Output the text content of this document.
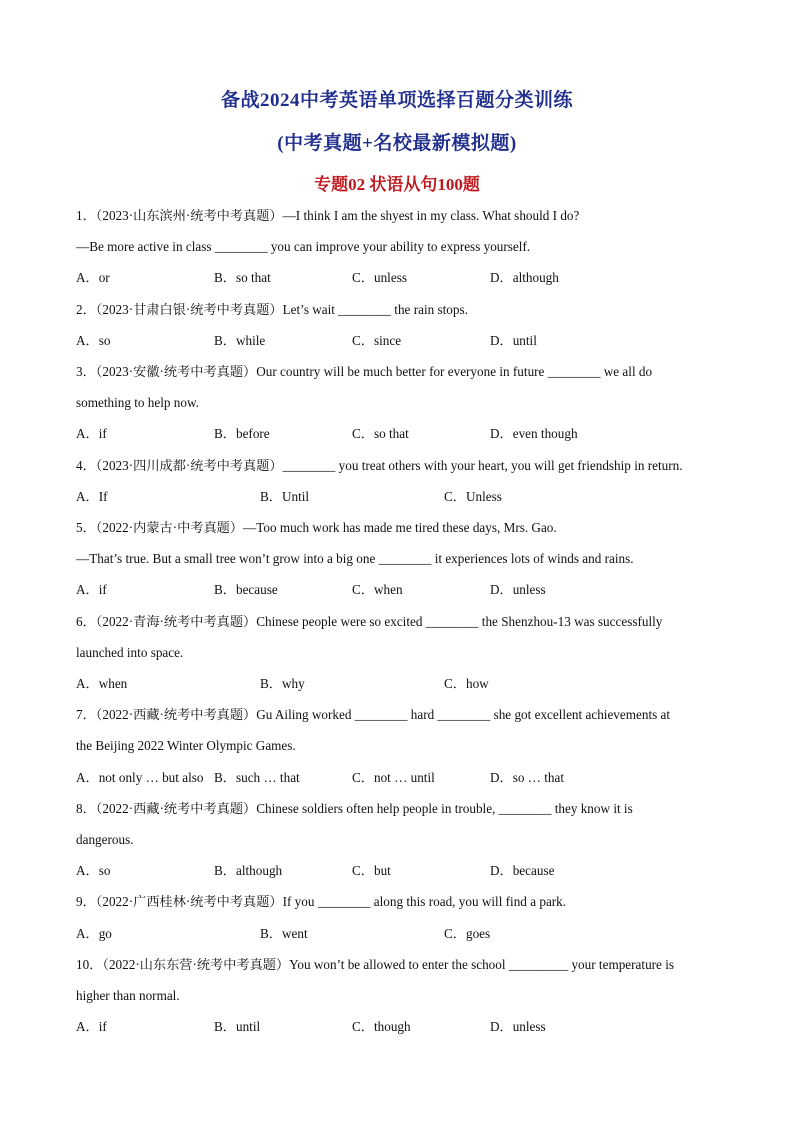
备战2024中考英语单项选择百题分类训练
(中考真题+名校最新模拟题)
专题02 状语从句100题
1．（2023·山东滨州·统考中考真题）—I think I am the shyest in my class. What should I do?
—Be more active in class ________ you can improve your ability to express yourself.
A．or	B．so that	C．unless	D．although
2．（2023·甘肃白银·统考中考真题）Let’s wait ________ the rain stops.
A．so	B．while	C．since	D．until
3．（2023·安徽·统考中考真题）Our country will be much better for everyone in future ________ we all do
something to help now.
A．if	B．before	C．so that	D．even though
4．（2023·四川成都·统考中考真题）________ you treat others with your heart, you will get friendship in return.
A．If	B．Until	C．Unless
5．（2022·内蒙古·中考真题）—Too much work has made me tired these days, Mrs. Gao.
—That’s true. But a small tree won’t grow into a big one ________ it experiences lots of winds and rains.
A．if	B．because	C．when	D．unless
6．（2022·青海·统考中考真题）Chinese people were so excited ________ the Shenzhou-13 was successfully
launched into space.
A．when	B．why	C．how
7．（2022·西藏·统考中考真题）Gu Ailing worked ________ hard ________ she got excellent achievements at
the Beijing 2022 Winter Olympic Games.
A．not only … but also B．such … that	C．not … until	D．so … that
8．（2022·西藏·统考中考真题）Chinese soldiers often help people in trouble, ________ they know it is
dangerous.
A．so	B．although	C．but	D．because
9．（2022·广西桂林·统考中考真题）If you ________ along this road, you will find a park.
A．go	B．went	C．goes
10．（2022·山东东营·统考中考真题）You won’t be allowed to enter the school _________ your temperature is
higher than normal.
A．if	B．until	C．though	D．unless
